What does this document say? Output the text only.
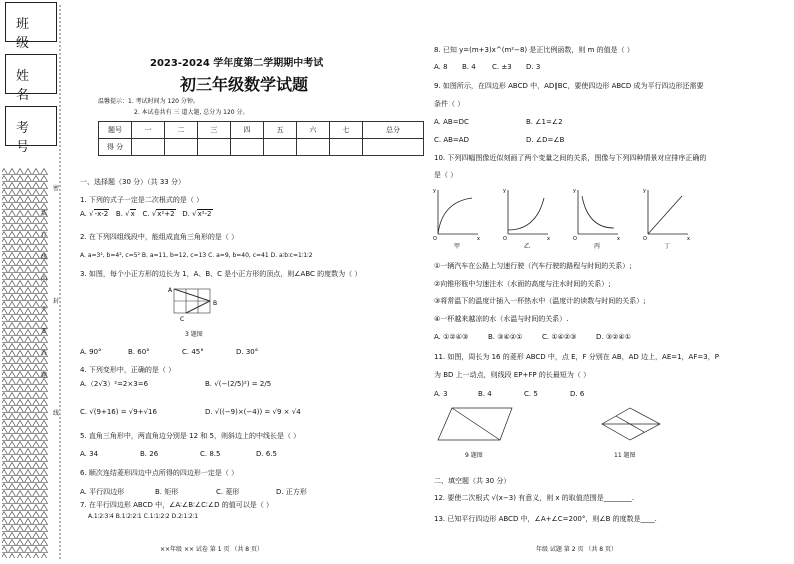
班 级
姓 名
考 号
密
封
线
装
订
线
内
不
要
答
题
2023-2024 学年度第二学期期中考试
初三年级数学试题
温馨提示：1. 考试时间为 120 分钟。
2. 本试卷共有 三 道大题, 总分为 120 分。
题号	一	二	三	四	五	六	七	总分
得 分								
一、选择题（30 分）（共 33 分）
1. 下列的式子一定是二次根式的是（ ）
A. √-x-2 B. √x C. √x²+2 D. √x²-2
2. 在下列四组线段中，能组成直角三角形的是（ ）
A. a=3², b=4², c=5² B. a=11, b=12, c=13 C. a=9, b=40, c=41 D. a∶b∶c=1∶1∶2
3. 如图，每个小正方形的边长为 1，A、B、C 是小正方形的顶点，则∠ABC 的度数为（ ）
A
B
C
3 题图
A. 90°	B. 60°	C. 45°	D. 30°
4. 下列变形中，正确的是（ ）
A.（2√3）²=2×3=6	B. √(−(2/5)²) = 2/5
C. √(9+16) = √9+√16	D. √((−9)×(−4)) = √9 × √4
5. 直角三角形中，两直角边分别是 12 和 5，则斜边上的中线长是（ ）
A. 34	B. 26	C. 8.5	D. 6.5
6. 顺次连结菱形四边中点所得的四边形一定是（ ）
A. 平行四边形	B. 矩形	C. 菱形	D. 正方形
7. 在平行四边形 ABCD 中，∠A∶∠B∶∠C∶∠D 的值可以是（ ）
A.1∶2∶3∶4 B.1∶2∶2∶1 C.1∶1∶2∶2 D.2∶1∶2∶1
××年级 ×× 试卷 第 1 页 （共 8 页）
8. 已知 y=(m+3)x^(m²−8) 是正比例函数，则 m 的值是（ ）
A. 8 B. 4 C. ±3 D. 3
9. 如图所示，在四边形 ABCD 中，AD∥BC，要使四边形 ABCD 成为平行四边形还需要
条件（ ）
A. AB=DC	B. ∠1=∠2
C. AB=AD	D. ∠D=∠B
10. 下列四幅图像近似刻画了两个变量之间的关系，图像与下列四种情景对应排序正确的
是（ ）
y
O	x
y
O	x
y
O	x
y
O	x
甲	乙	丙	丁
①一辆汽车在公路上匀速行驶（汽车行驶的路程与时间的关系）;
②向锥形瓶中匀速注水（水面的高度与注水时间的关系）;
③将常温下的温度计插入一杯热水中（温度计的读数与时间的关系）;
④一杯越来越凉的水（水温与时间的关系）.
A. ①②④③	B. ③④②①	C. ①④②③	D. ③②④①
11. 如图，周长为 16 的菱形 ABCD 中，点 E，F 分别在 AB，AD 边上，AE=1，AF=3，P
为 BD 上一动点，则线段 EP+FP 的长最短为（ ）
A. 3	B. 4	C. 5	D. 6
9 题图	11 题图
二、填空题（共 30 分）
12. 要使二次根式 √(x−3) 有意义，则 x 的取值范围是________.
13. 已知平行四边形 ABCD 中，∠A+∠C=200°，则∠B 的度数是____.
年级 试题 第 2 页 （共 8 页）
